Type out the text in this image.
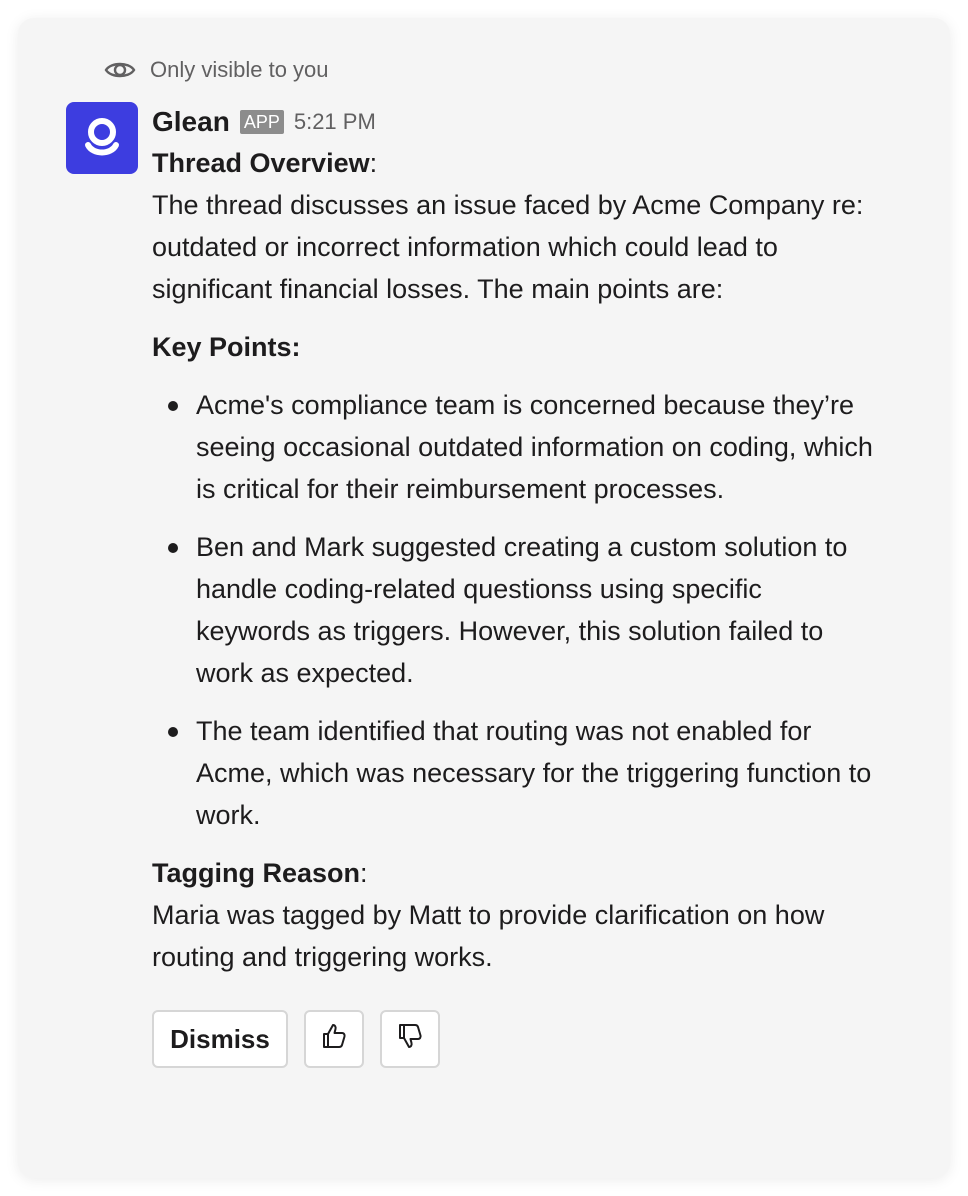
Only visible to you
Glean APP 5:21 PM

Thread Overview:

The thread discusses an issue faced by Acme Company re: outdated or incorrect information which could lead to significant financial losses. The main points are:

Key Points:

Acme's compliance team is concerned because they’re seeing occasional outdated information on coding, which is critical for their reimbursement processes.
Ben and Mark suggested creating a custom solution to handle coding-related questionss using specific keywords as triggers. However, this solution failed to work as expected.
The team identified that routing was not enabled for Acme, which was necessary for the triggering function to work.

Tagging Reason:

Maria was tagged by Matt to provide clarification on how routing and triggering works.

Dismiss
